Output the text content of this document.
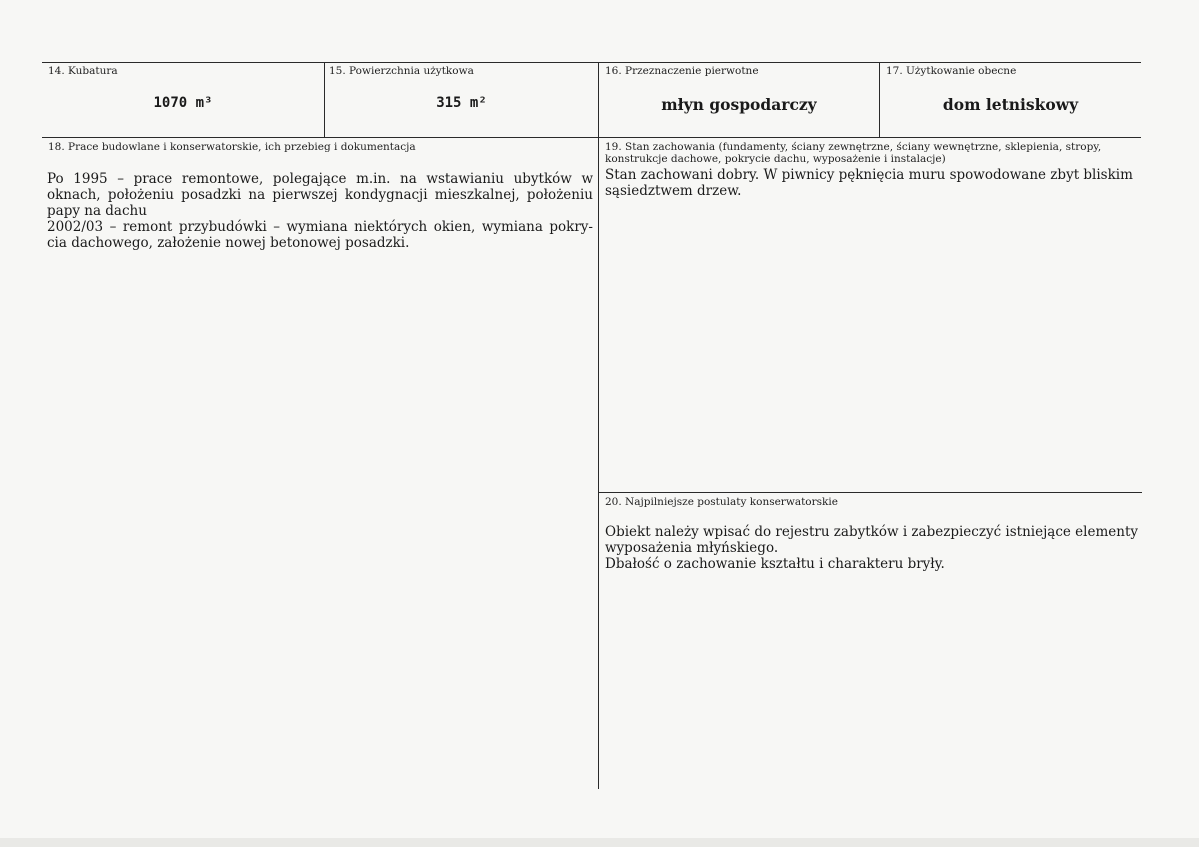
14. Kubatura
1070 m³
15. Powierzchnia użytkowa
315 m²
16. Przeznaczenie pierwotne
młyn gospodarczy
17. Użytkowanie obecne
dom letniskowy
18. Prace budowlane i konserwatorskie, ich przebieg i dokumentacja
Po 1995 – prace remontowe, polegające m.in. na wstawianiu ubytków w
oknach, położeniu posadzki na pierwszej kondygnacji mieszkalnej, położeniu
papy na dachu
2002/03 – remont przybudówki – wymiana niektórych okien, wymiana pokry-
cia dachowego, założenie nowej betonowej posadzki.
19. Stan zachowania (fundamenty, ściany zewnętrzne, ściany wewnętrzne, sklepienia, stropy,
konstrukcje dachowe, pokrycie dachu, wyposażenie i instalacje)
Stan zachowani dobry. W piwnicy pęknięcia muru spowodowane zbyt bliskim
sąsiedztwem drzew.
20. Najpilniejsze postulaty konserwatorskie
Obiekt należy wpisać do rejestru zabytków i zabezpieczyć istniejące elementy
wyposażenia młyńskiego.
Dbałość o zachowanie kształtu i charakteru bryły.
